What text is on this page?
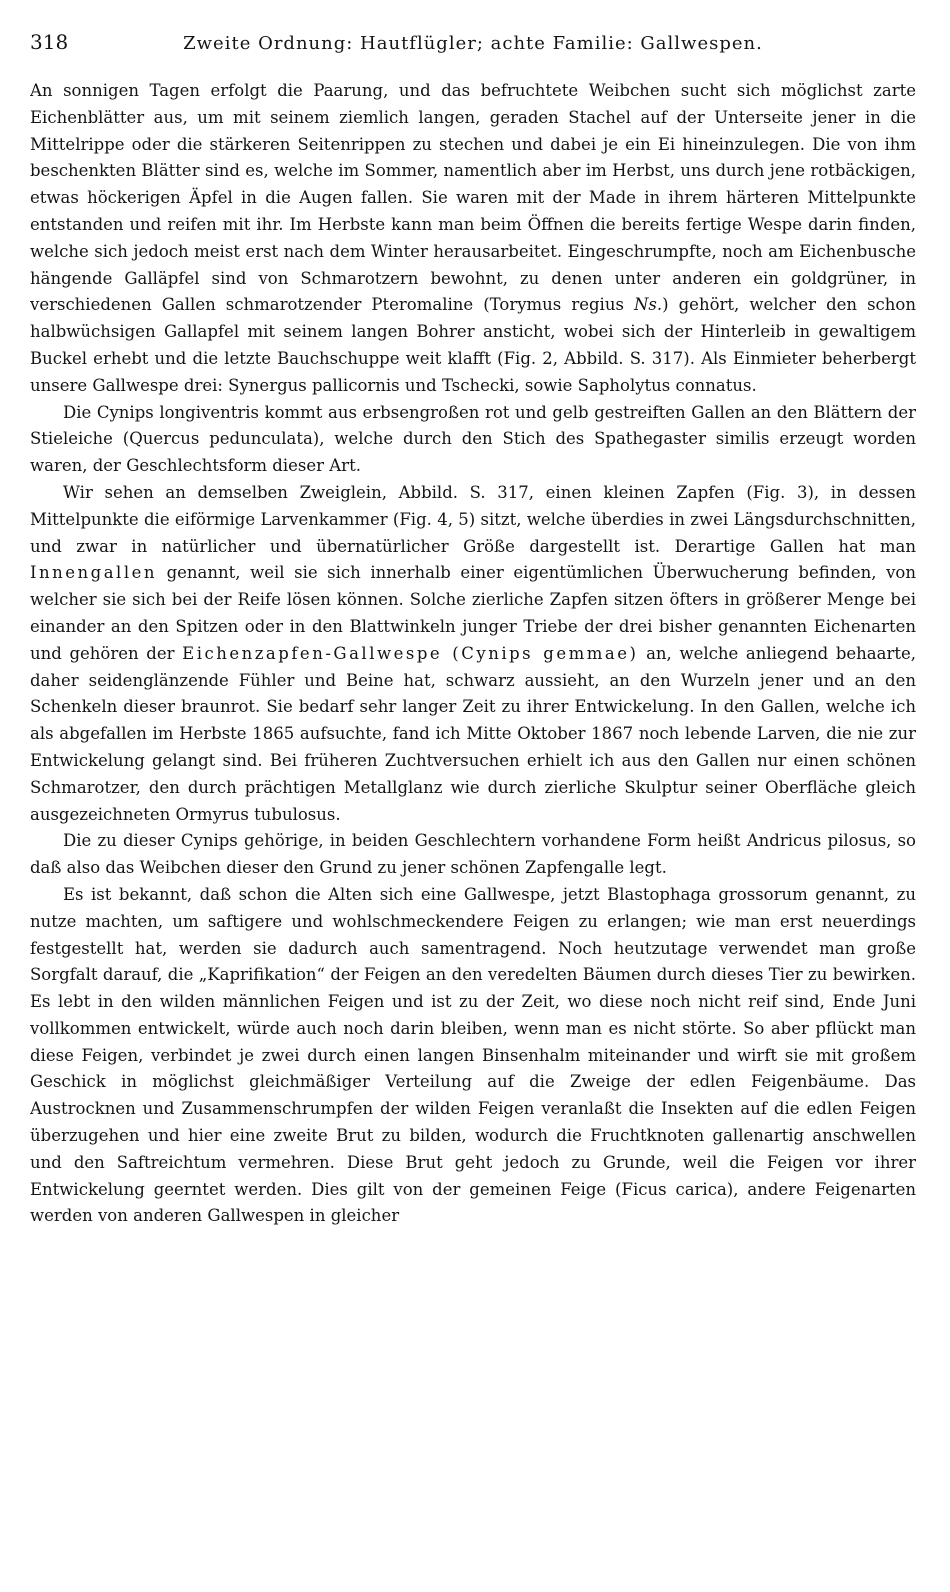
318	Zweite Ordnung: Hautflügler; achte Familie: Gallwespen.

An sonnigen Tagen erfolgt die Paarung, und das befruchtete Weibchen sucht sich möglichst zarte Eichenblätter aus, um mit seinem ziemlich langen, geraden Stachel auf der Unterseite jener in die Mittelrippe oder die stärkeren Seitenrippen zu stechen und dabei je ein Ei hineinzulegen. Die von ihm beschenkten Blätter sind es, welche im Sommer, namentlich aber im Herbst, uns durch jene rotbäckigen, etwas höckerigen Äpfel in die Augen fallen. Sie waren mit der Made in ihrem härteren Mittelpunkte entstanden und reifen mit ihr. Im Herbste kann man beim Öffnen die bereits fertige Wespe darin finden, welche sich jedoch meist erst nach dem Winter herausarbeitet. Eingeschrumpfte, noch am Eichenbusche hängende Galläpfel sind von Schmarotzern bewohnt, zu denen unter anderen ein goldgrüner, in verschiedenen Gallen schmarotzender Pteromaline (Torymus regius Ns.) gehört, welcher den schon halbwüchsigen Gallapfel mit seinem langen Bohrer ansticht, wobei sich der Hinterleib in gewaltigem Buckel erhebt und die letzte Bauchschuppe weit klafft (Fig. 2, Abbild. S. 317). Als Einmieter beherbergt unsere Gallwespe drei: Synergus pallicornis und Tschecki, sowie Sapholytus connatus.

Die Cynips longiventris kommt aus erbsengroßen rot und gelb gestreiften Gallen an den Blättern der Stieleiche (Quercus pedunculata), welche durch den Stich des Spathegaster similis erzeugt worden waren, der Geschlechtsform dieser Art.

Wir sehen an demselben Zweiglein, Abbild. S. 317, einen kleinen Zapfen (Fig. 3), in dessen Mittelpunkte die eiförmige Larvenkammer (Fig. 4, 5) sitzt, welche überdies in zwei Längsdurchschnitten, und zwar in natürlicher und übernatürlicher Größe dargestellt ist. Derartige Gallen hat man Innengallen genannt, weil sie sich innerhalb einer eigentümlichen Überwucherung befinden, von welcher sie sich bei der Reife lösen können. Solche zierliche Zapfen sitzen öfters in größerer Menge bei einander an den Spitzen oder in den Blattwinkeln junger Triebe der drei bisher genannten Eichenarten und gehören der Eichenzapfen-Gallwespe (Cynips gemmae) an, welche anliegend behaarte, daher seidenglänzende Fühler und Beine hat, schwarz aussieht, an den Wurzeln jener und an den Schenkeln dieser braunrot. Sie bedarf sehr langer Zeit zu ihrer Entwickelung. In den Gallen, welche ich als abgefallen im Herbste 1865 aufsuchte, fand ich Mitte Oktober 1867 noch lebende Larven, die nie zur Entwickelung gelangt sind. Bei früheren Zuchtversuchen erhielt ich aus den Gallen nur einen schönen Schmarotzer, den durch prächtigen Metallglanz wie durch zierliche Skulptur seiner Oberfläche gleich ausgezeichneten Ormyrus tubulosus.

Die zu dieser Cynips gehörige, in beiden Geschlechtern vorhandene Form heißt Andricus pilosus, so daß also das Weibchen dieser den Grund zu jener schönen Zapfengalle legt.

Es ist bekannt, daß schon die Alten sich eine Gallwespe, jetzt Blastophaga grossorum genannt, zu nutze machten, um saftigere und wohlschmeckendere Feigen zu erlangen; wie man erst neuerdings festgestellt hat, werden sie dadurch auch samentragend. Noch heutzutage verwendet man große Sorgfalt darauf, die „Kaprifikation“ der Feigen an den veredelten Bäumen durch dieses Tier zu bewirken. Es lebt in den wilden männlichen Feigen und ist zu der Zeit, wo diese noch nicht reif sind, Ende Juni vollkommen entwickelt, würde auch noch darin bleiben, wenn man es nicht störte. So aber pflückt man diese Feigen, verbindet je zwei durch einen langen Binsenhalm miteinander und wirft sie mit großem Geschick in möglichst gleichmäßiger Verteilung auf die Zweige der edlen Feigenbäume. Das Austrocknen und Zusammenschrumpfen der wilden Feigen veranlaßt die Insekten auf die edlen Feigen überzugehen und hier eine zweite Brut zu bilden, wodurch die Fruchtknoten gallenartig anschwellen und den Saftreichtum vermehren. Diese Brut geht jedoch zu Grunde, weil die Feigen vor ihrer Entwickelung geerntet werden. Dies gilt von der gemeinen Feige (Ficus carica), andere Feigenarten werden von anderen Gallwespen in gleicher
